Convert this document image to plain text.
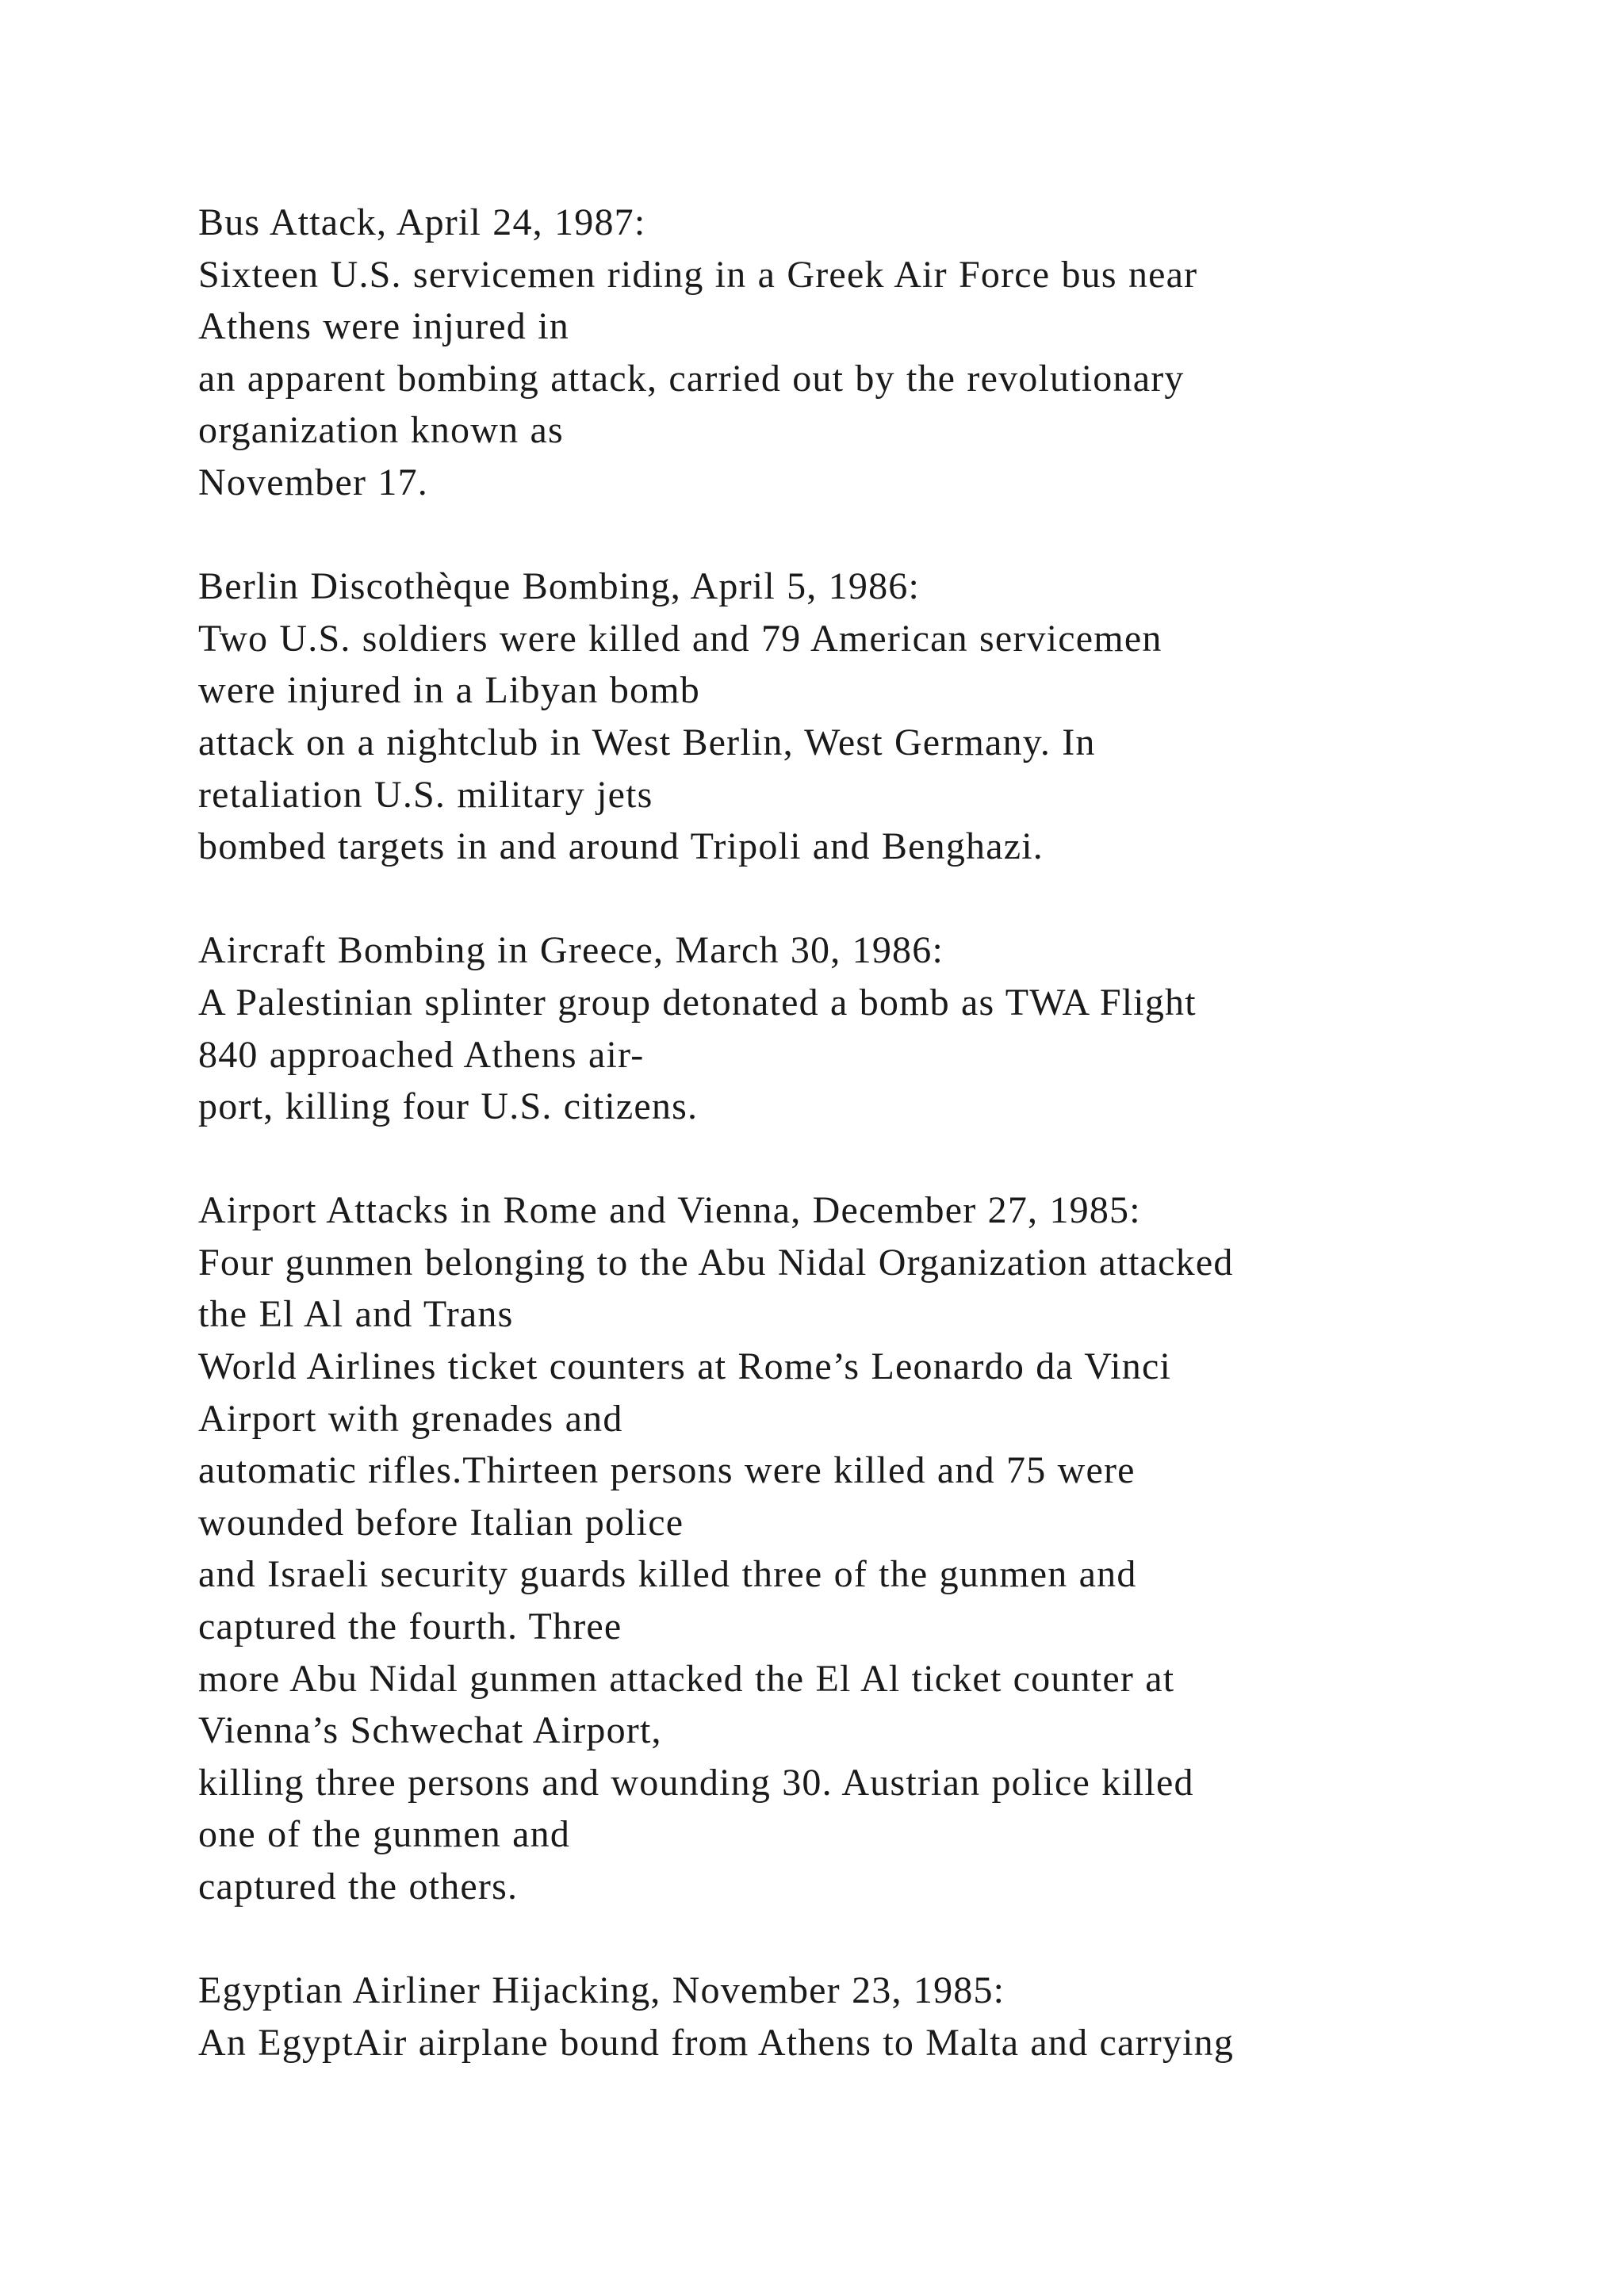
Bus Attack, April 24, 1987:
Sixteen U.S. servicemen riding in a Greek Air Force bus near
Athens were injured in
an apparent bombing attack, carried out by the revolutionary
organization known as
November 17.
Berlin Discothèque Bombing, April 5, 1986:
Two U.S. soldiers were killed and 79 American servicemen
were injured in a Libyan bomb
attack on a nightclub in West Berlin, West Germany. In
retaliation U.S. military jets
bombed targets in and around Tripoli and Benghazi.
Aircraft Bombing in Greece, March 30, 1986:
A Palestinian splinter group detonated a bomb as TWA Flight
840 approached Athens air-
port, killing four U.S. citizens.
Airport Attacks in Rome and Vienna, December 27, 1985:
Four gunmen belonging to the Abu Nidal Organization attacked
the El Al and Trans
World Airlines ticket counters at Rome’s Leonardo da Vinci
Airport with grenades and
automatic rifles.Thirteen persons were killed and 75 were
wounded before Italian police
and Israeli security guards killed three of the gunmen and
captured the fourth. Three
more Abu Nidal gunmen attacked the El Al ticket counter at
Vienna’s Schwechat Airport,
killing three persons and wounding 30. Austrian police killed
one of the gunmen and
captured the others.
Egyptian Airliner Hijacking, November 23, 1985:
An EgyptAir airplane bound from Athens to Malta and carrying
